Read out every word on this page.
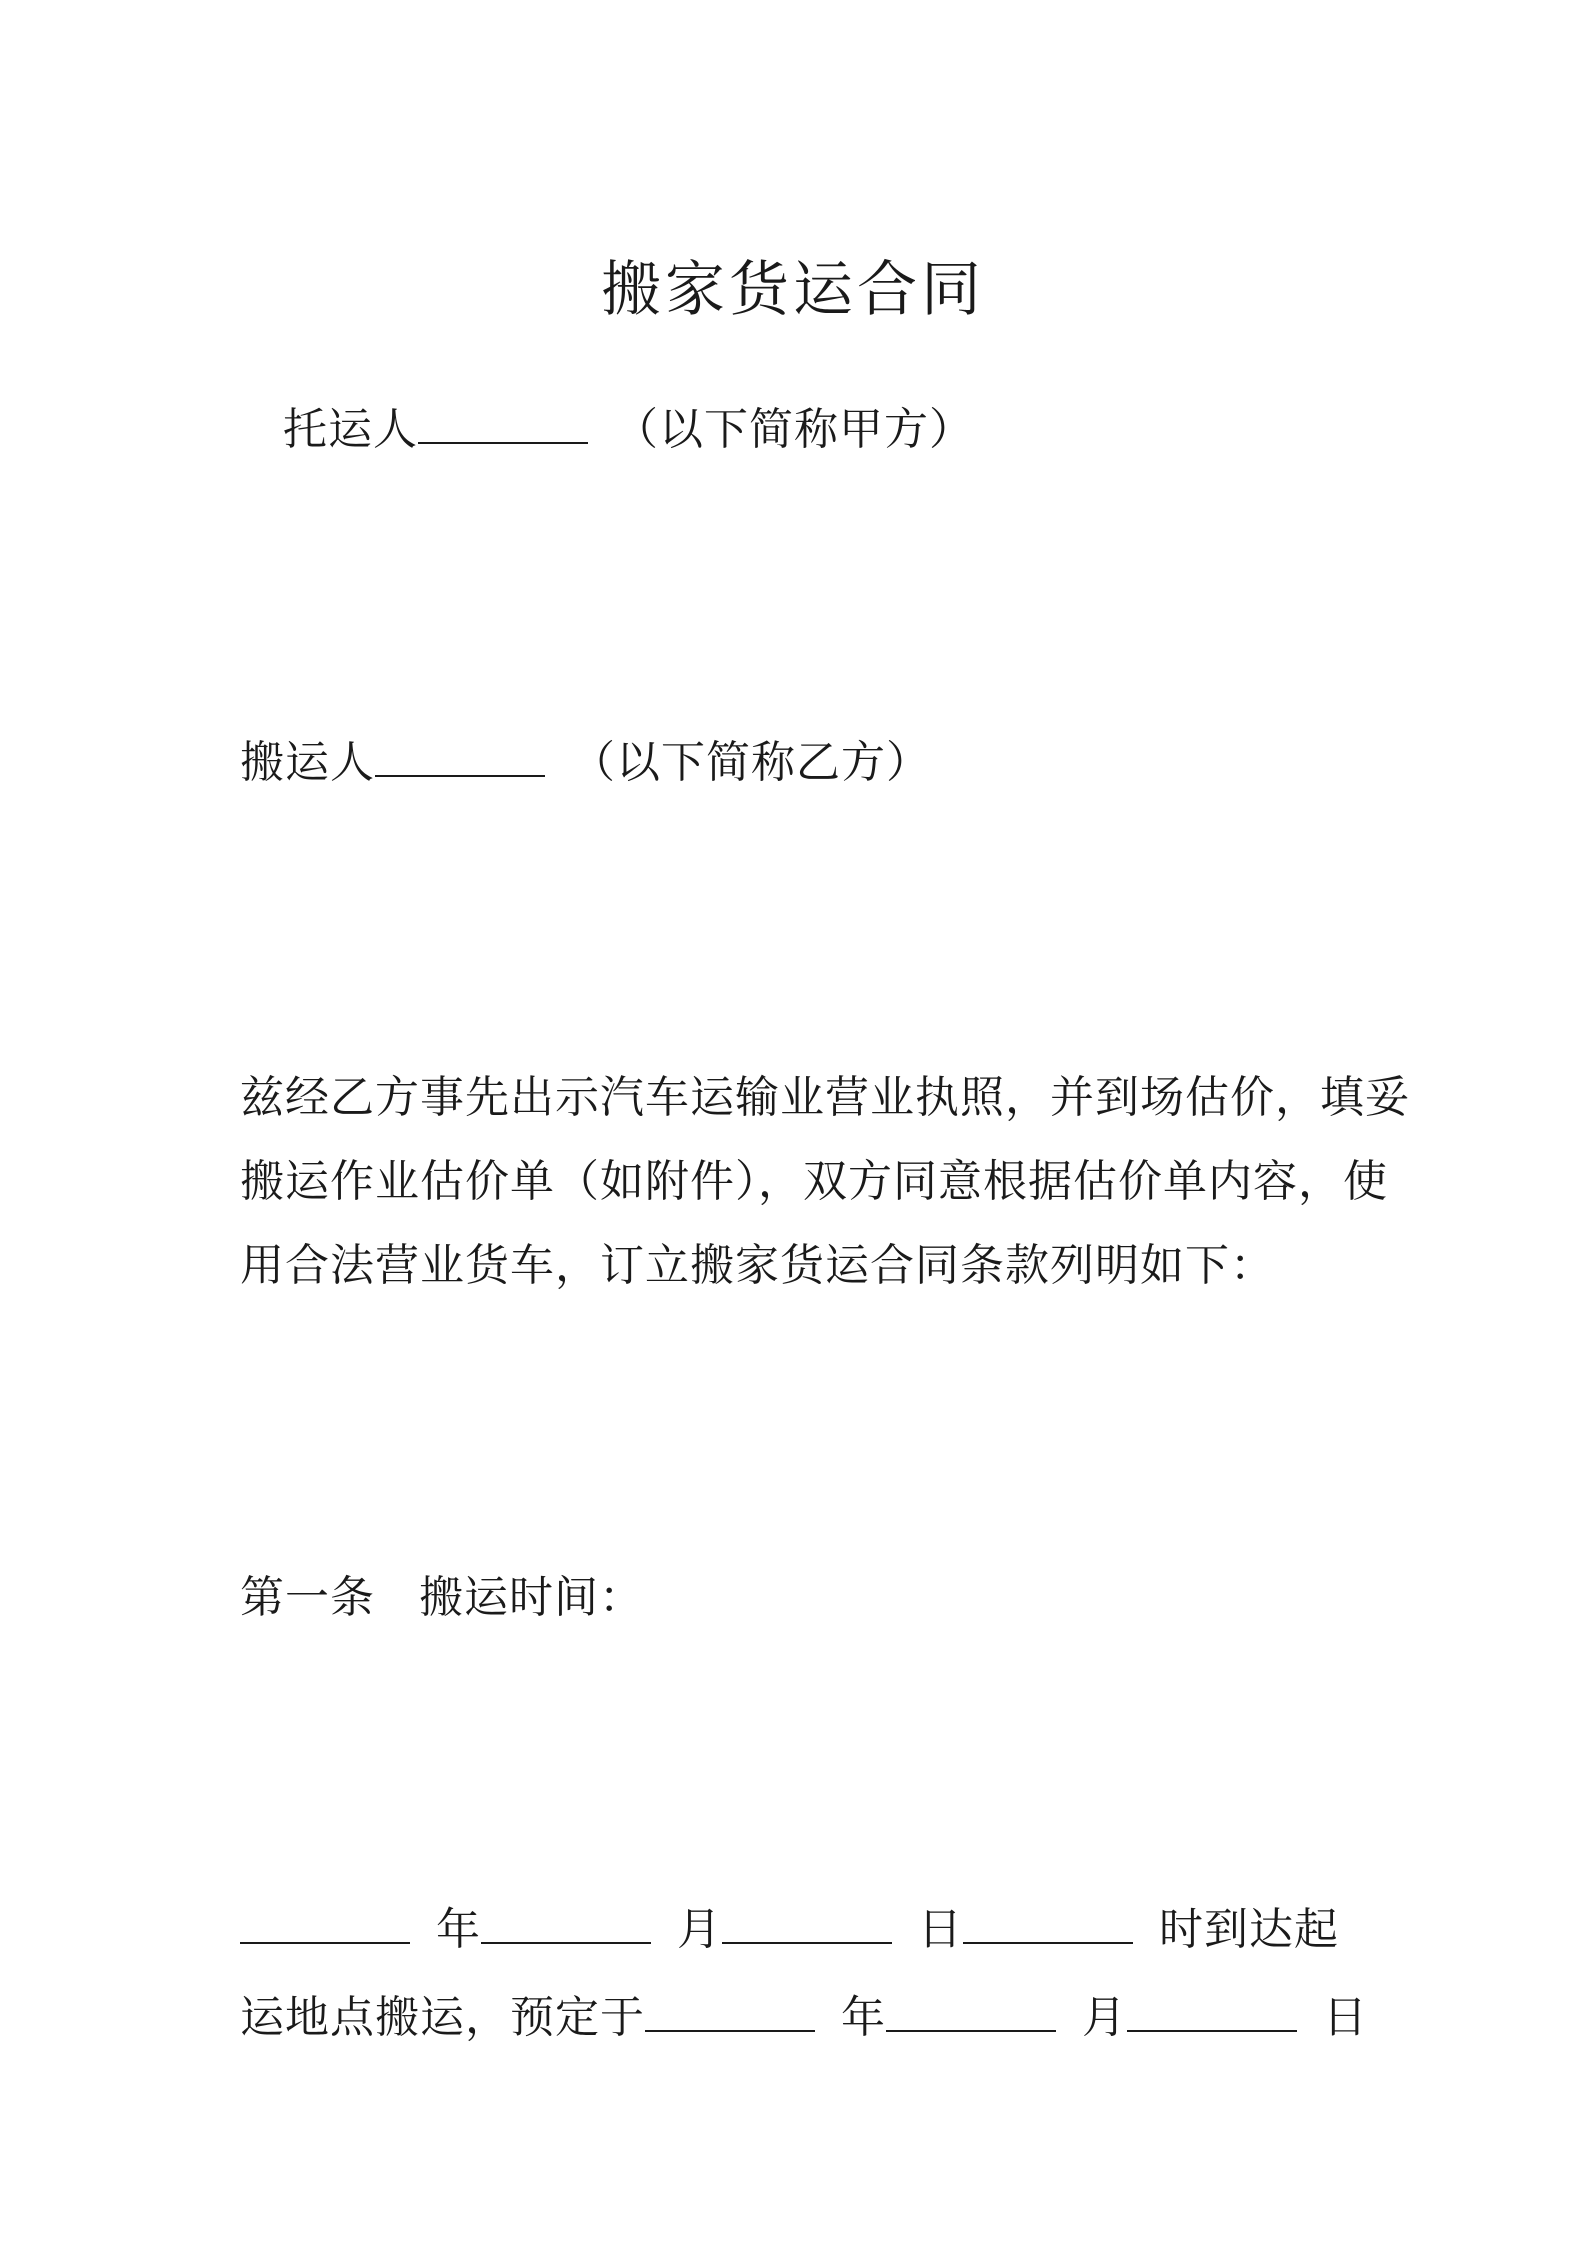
搬家货运合同
托运人	（以下简称甲方）
搬运人	（以下简称乙方）
兹经乙方事先出示汽车运输业营业执照，并到场估价，填妥
搬运作业估价单（如附件），双方同意根据估价单内容，使
用合法营业货车，订立搬家货运合同条款列明如下：
第一条 搬运时间：
年	月	日	时到达起
运地点搬运，预定于	年	月	日
